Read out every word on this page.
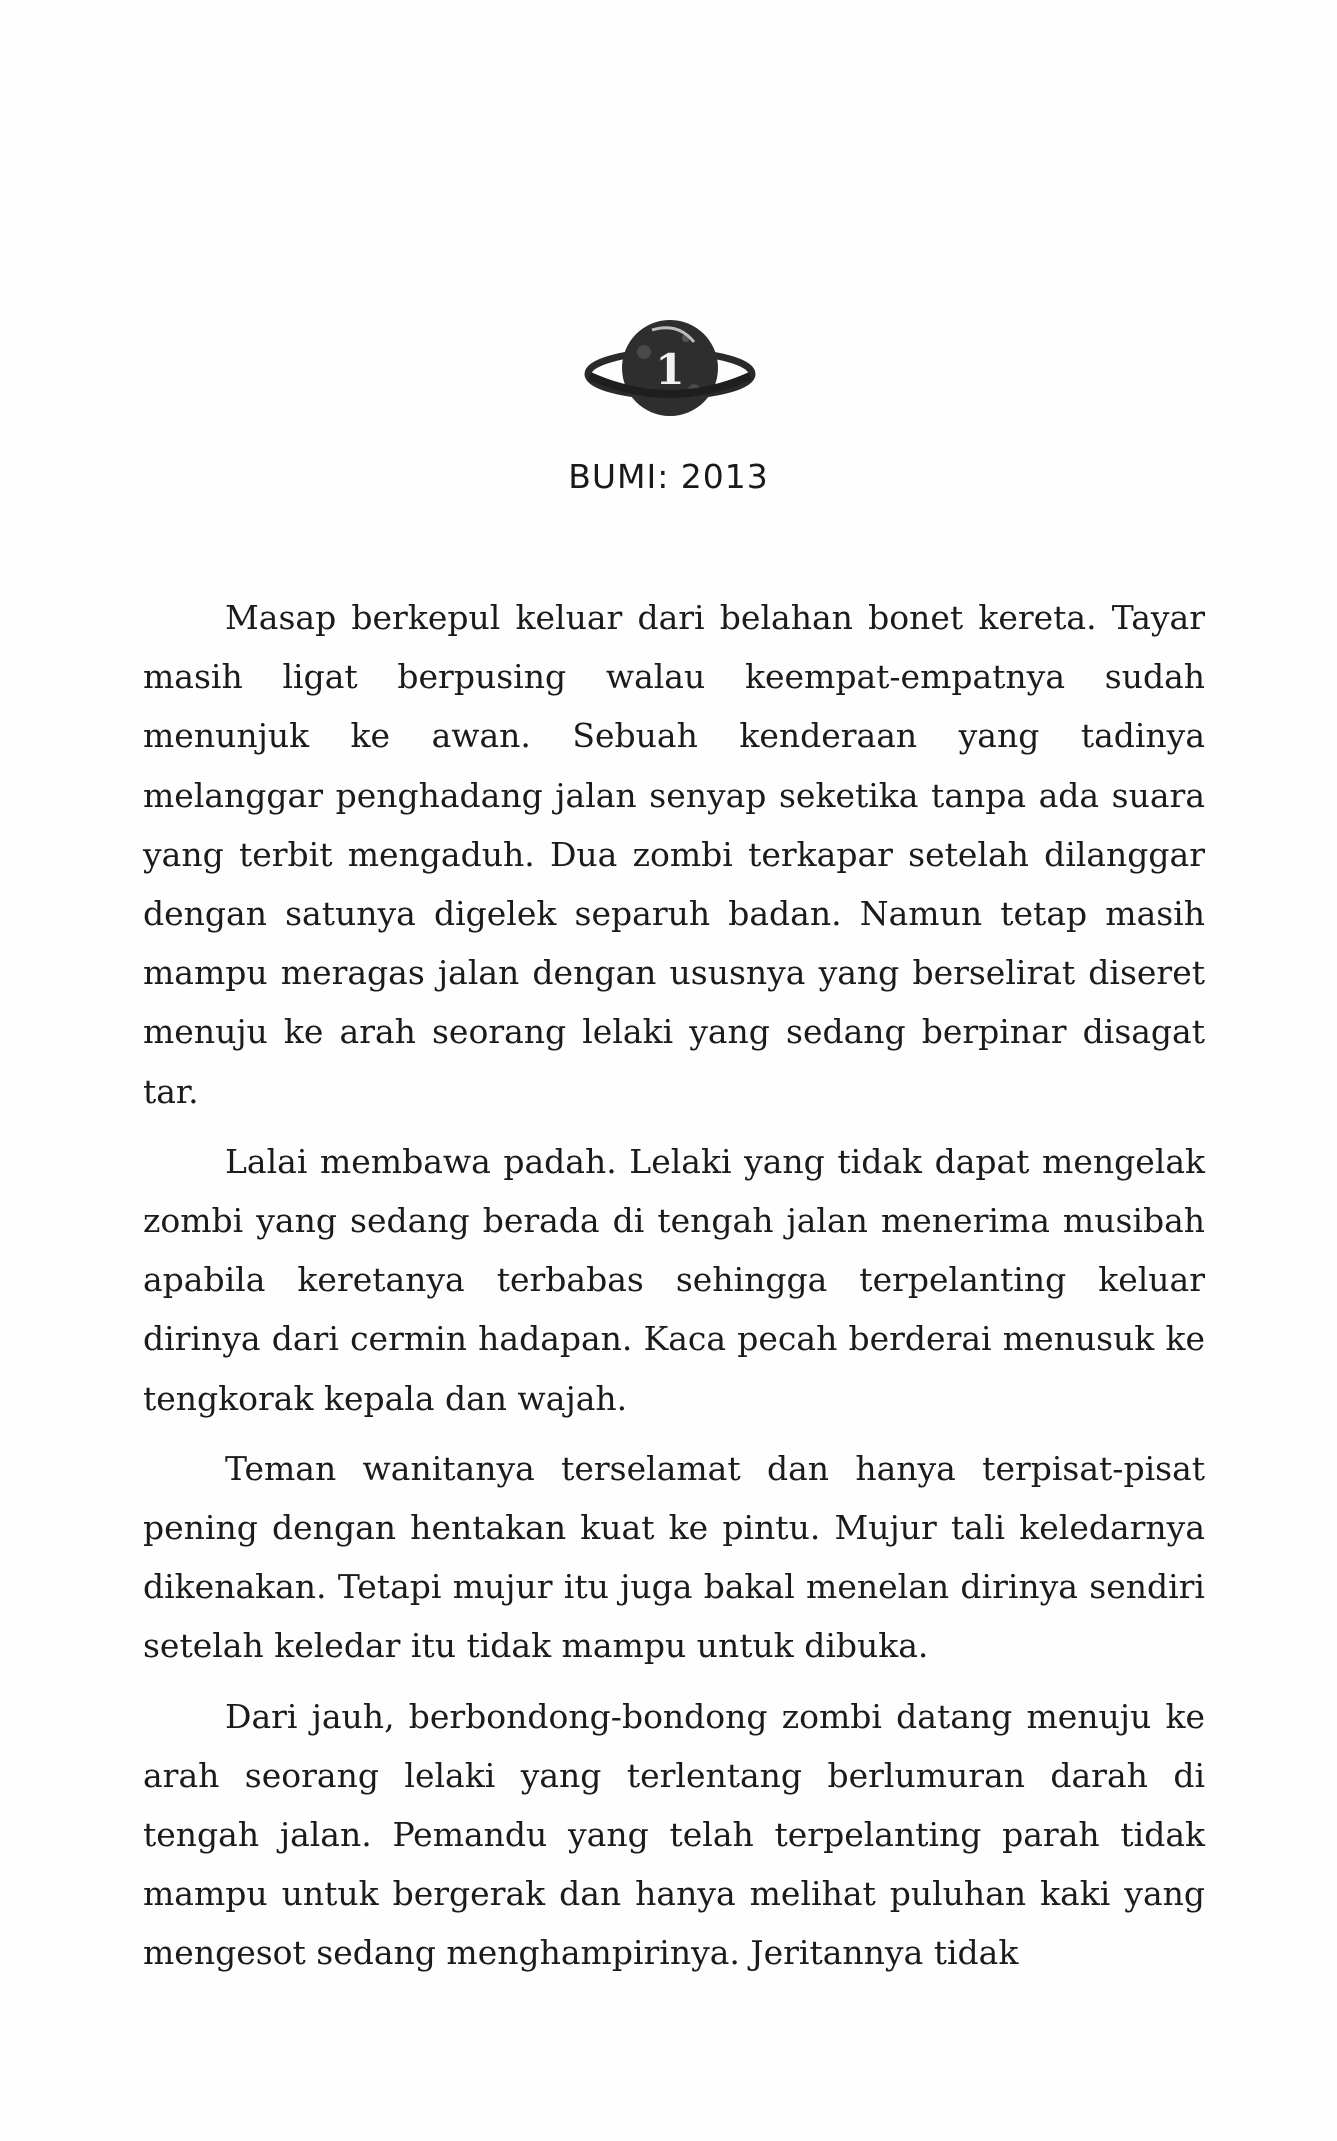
1
BUMI: 2013

Masap berkepul keluar dari belahan bonet kereta. Tayar masih ligat berpusing walau keempat-empatnya sudah menunjuk ke awan. Sebuah kenderaan yang tadinya melanggar penghadang jalan senyap seketika tanpa ada suara yang terbit mengaduh. Dua zombi terkapar setelah dilanggar dengan satunya digelek separuh badan. Namun tetap masih mampu meragas jalan dengan ususnya yang berselirat diseret menuju ke arah seorang lelaki yang sedang berpinar disagat tar.

Lalai membawa padah. Lelaki yang tidak dapat mengelak zombi yang sedang berada di tengah jalan menerima musibah apabila keretanya terbabas sehingga terpelanting keluar dirinya dari cermin hadapan. Kaca pecah berderai menusuk ke tengkorak kepala dan wajah.

Teman wanitanya terselamat dan hanya terpisat-pisat pening dengan hentakan kuat ke pintu. Mujur tali keledarnya dikenakan. Tetapi mujur itu juga bakal menelan dirinya sendiri setelah keledar itu tidak mampu untuk dibuka.

Dari jauh, berbondong-bondong zombi datang menuju ke arah seorang lelaki yang terlentang berlumuran darah di tengah jalan. Pemandu yang telah terpelanting parah tidak mampu untuk bergerak dan hanya melihat puluhan kaki yang mengesot sedang menghampirinya. Jeritannya tidak
